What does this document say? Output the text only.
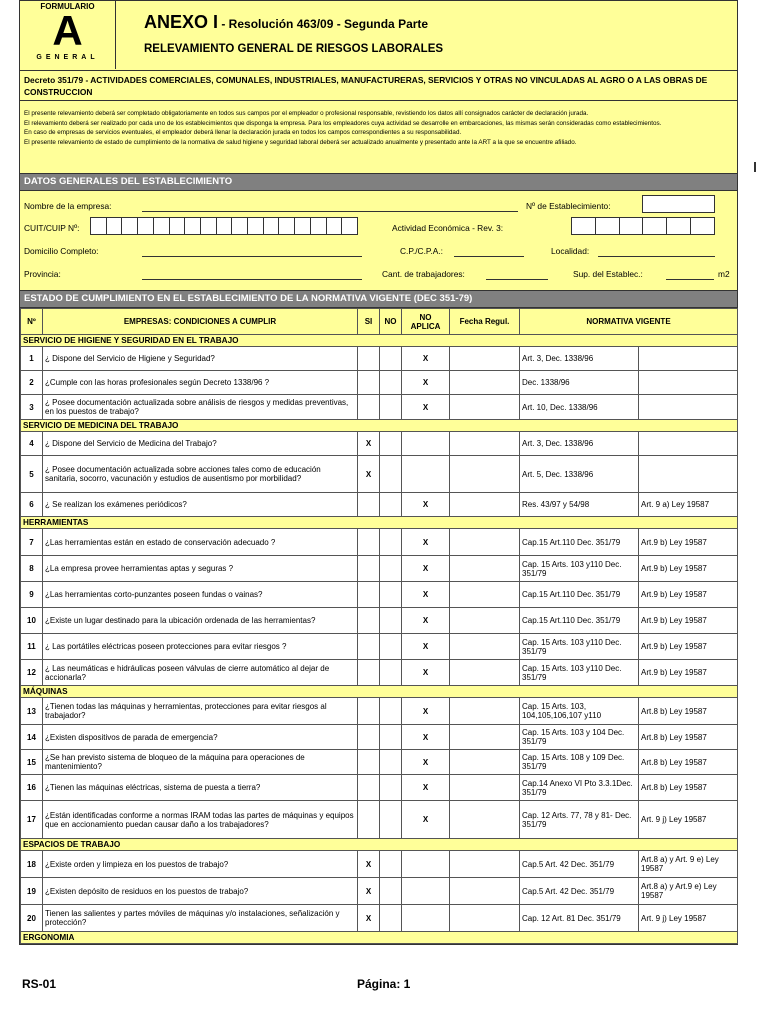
FORMULARIO
A
GENERAL
ANEXO I - Resolución 463/09 - Segunda Parte
RELEVAMIENTO GENERAL DE RIESGOS LABORALES
Decreto 351/79 - ACTIVIDADES COMERCIALES, COMUNALES, INDUSTRIALES, MANUFACTURERAS, SERVICIOS Y OTRAS NO VINCULADAS AL AGRO O A LAS OBRAS DE CONSTRUCCION
El presente relevamiento deberá ser completado obligatoriamente en todos sus campos por el empleador o profesional responsable, revistiendo los datos allí consignados carácter de declaración jurada.
El relevamiento deberá ser realizado por cada uno de los establecimientos que disponga la empresa. Para los empleadores cuya actividad se desarrolle en embarcaciones, las mismas serán consideradas como establecimientos.
En caso de empresas de servicios eventuales, el empleador deberá llenar la declaración jurada en todos los campos correspondientes a su responsabilidad.
El presente relevamiento de estado de cumplimiento de la normativa de salud higiene y seguridad laboral deberá ser actualizado anualmente y presentado ante la ART a la que se encuentre afiliado.
DATOS GENERALES DEL ESTABLECIMIENTO
Nombre de la empresa:	Nº de Establecimiento:
CUIT/CUIP Nº:	Actividad Económica - Rev. 3:
Domicilio Completo:	C.P./C.P.A.:	Localidad:
Provincia:	Cant. de trabajadores:	Sup. del Establec.:	m2
ESTADO DE CUMPLIMIENTO EN EL ESTABLECIMIENTO DE LA NORMATIVA VIGENTE (DEC 351-79)
Nº	EMPRESAS: CONDICIONES A CUMPLIR	SI	NO	NO APLICA	Fecha Regul.	NORMATIVA VIGENTE	
SERVICIO DE HIGIENE Y SEGURIDAD EN EL TRABAJO							
1	¿ Dispone del Servicio de Higiene y Seguridad?			X		Art. 3, Dec. 1338/96	
2	¿Cumple con las horas profesionales según Decreto 1338/96 ?			X		Dec. 1338/96	
3	¿ Posee documentación actualizada sobre análisis de riesgos y medidas preventivas, en los puestos de trabajo?			X		Art. 10, Dec. 1338/96	
SERVICIO DE MEDICINA DEL TRABAJO							
4	¿ Dispone del Servicio de Medicina del Trabajo?	X				Art. 3, Dec. 1338/96	
5	¿ Posee documentación actualizada sobre acciones tales como de educación sanitaria, socorro, vacunación y estudios de ausentismo por morbilidad?	X				Art. 5, Dec. 1338/96	
6	¿ Se realizan los exámenes periódicos?			X		Res. 43/97 y 54/98	Art. 9 a) Ley 19587
HERRAMIENTAS							
7	¿Las herramientas están en estado de conservación adecuado ?			X		Cap.15 Art.110 Dec. 351/79	Art.9 b) Ley 19587
8	¿La empresa provee herramientas aptas y seguras ?			X		Cap. 15 Arts. 103 y110 Dec. 351/79	Art.9 b) Ley 19587
9	¿Las herramientas corto-punzantes poseen fundas o vainas?			X		Cap.15 Art.110 Dec. 351/79	Art.9 b) Ley 19587
10	¿Existe un lugar destinado para la ubicación ordenada de las herramientas?			X		Cap.15 Art.110 Dec. 351/79	Art.9 b) Ley 19587
11	¿ Las portátiles eléctricas poseen protecciones para evitar riesgos ?			X		Cap. 15 Arts. 103 y110 Dec. 351/79	Art.9 b) Ley 19587
12	¿ Las neumáticas e hidráulicas poseen válvulas de cierre automático al dejar de accionarla?			X		Cap. 15 Arts. 103 y110 Dec. 351/79	Art.9 b) Ley 19587
MÁQUINAS							
13	¿Tienen todas las máquinas y herramientas, protecciones para evitar riesgos al trabajador?			X		Cap. 15 Arts. 103, 104,105,106,107 y110	Art.8 b) Ley 19587
14	¿Existen dispositivos de parada de emergencia?			X		Cap. 15 Arts. 103 y 104 Dec. 351/79	Art.8 b) Ley 19587
15	¿Se han previsto sistema de bloqueo de la máquina para operaciones de mantenimiento?			X		Cap. 15 Arts. 108 y 109 Dec. 351/79	Art.8 b) Ley 19587
16	¿Tienen las máquinas eléctricas, sistema de puesta a tierra?			X		Cap.14 Anexo VI Pto 3.3.1Dec. 351/79	Art.8 b) Ley 19587
17	¿Están identificadas conforme a normas IRAM todas las partes de máquinas y equipos que en accionamiento puedan causar daño a los trabajadores?			X		Cap. 12 Arts. 77, 78 y 81- Dec. 351/79	Art. 9 j) Ley 19587
ESPACIOS DE TRABAJO							
18	¿Existe orden y limpieza en los puestos de trabajo?	X				Cap.5 Art. 42 Dec. 351/79	Art.8 a) y Art. 9 e) Ley 19587
19	¿Existen depósito de residuos en los puestos de trabajo?	X				Cap.5 Art. 42 Dec. 351/79	Art.8 a) y Art.9 e) Ley 19587
20	Tienen las salientes y partes móviles de máquinas y/o instalaciones, señalización y protección?	X				Cap. 12 Art. 81 Dec. 351/79	Art. 9 j) Ley 19587
ERGONOMIA							
RS-01	Página: 1
